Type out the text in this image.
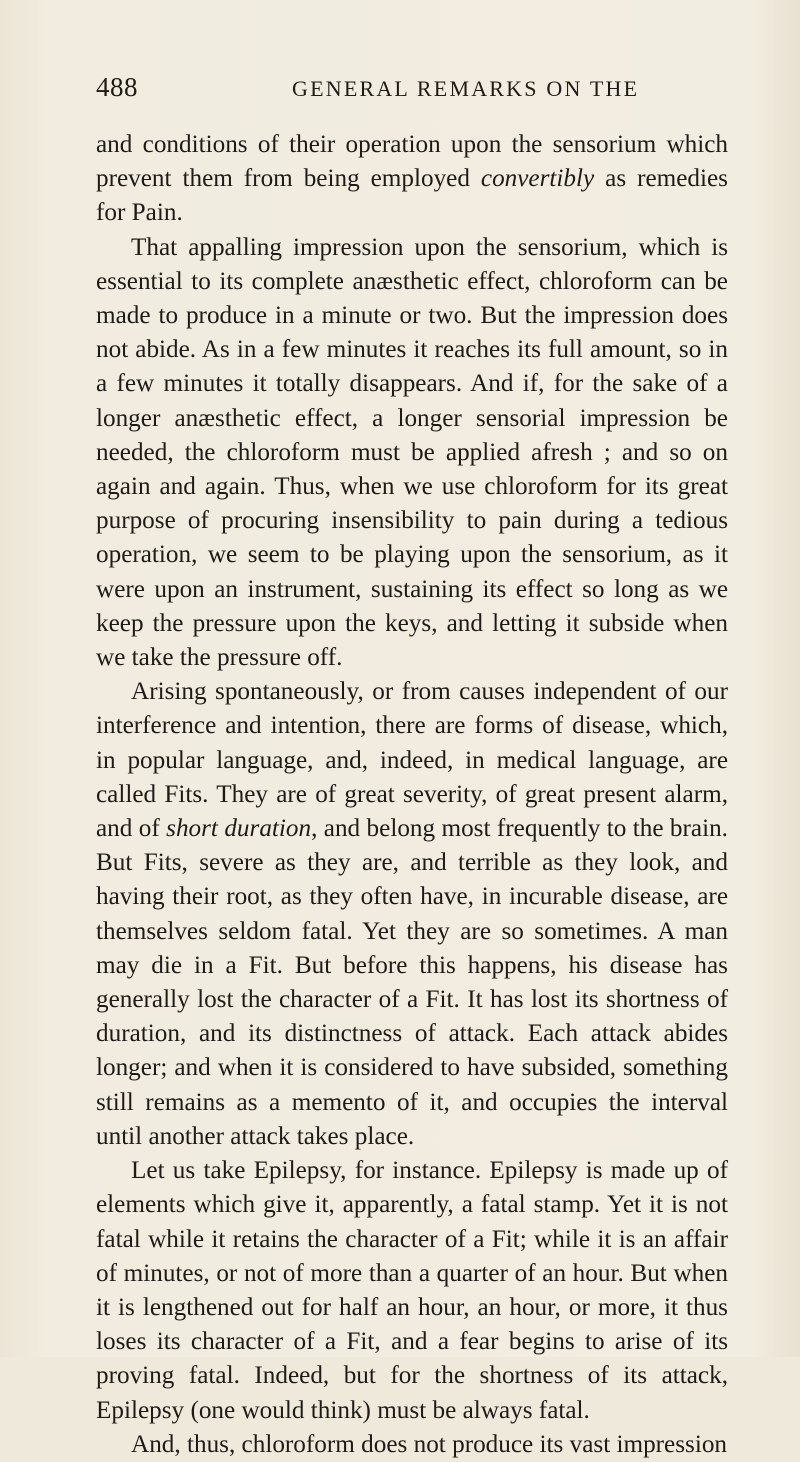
488	GENERAL REMARKS ON THE

and conditions of their operation upon the sensorium which prevent them from being employed convertibly as remedies for Pain.

That appalling impression upon the sensorium, which is essential to its complete anæsthetic effect, chloroform can be made to produce in a minute or two. But the impression does not abide. As in a few minutes it reaches its full amount, so in a few minutes it totally disappears. And if, for the sake of a longer anæsthetic effect, a longer sensorial impression be needed, the chloroform must be applied afresh ; and so on again and again. Thus, when we use chloroform for its great purpose of procuring insensibility to pain during a tedious operation, we seem to be playing upon the sensorium, as it were upon an instrument, sustaining its effect so long as we keep the pressure upon the keys, and letting it subside when we take the pressure off.

Arising spontaneously, or from causes independent of our interference and intention, there are forms of disease, which, in popular language, and, indeed, in medical language, are called Fits. They are of great severity, of great present alarm, and of short duration, and belong most frequently to the brain. But Fits, severe as they are, and terrible as they look, and having their root, as they often have, in incurable disease, are themselves seldom fatal. Yet they are so sometimes. A man may die in a Fit. But before this happens, his disease has generally lost the character of a Fit. It has lost its shortness of duration, and its distinctness of attack. Each attack abides longer; and when it is considered to have subsided, something still remains as a memento of it, and occupies the interval until another attack takes place.

Let us take Epilepsy, for instance. Epilepsy is made up of elements which give it, apparently, a fatal stamp. Yet it is not fatal while it retains the character of a Fit; while it is an affair of minutes, or not of more than a quarter of an hour. But when it is lengthened out for half an hour, an hour, or more, it thus loses its character of a Fit, and a fear begins to arise of its proving fatal. Indeed, but for the shortness of its attack, Epilepsy (one would think) must be always fatal.

And, thus, chloroform does not produce its vast impression
